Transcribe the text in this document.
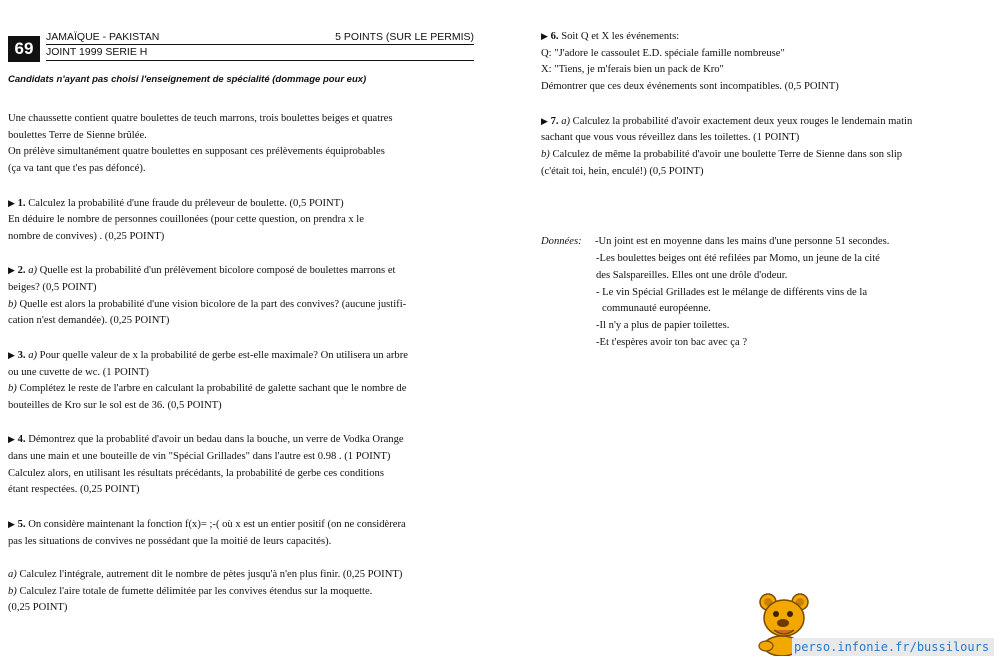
69
JAMAÏQUE - PAKISTAN	5 POINTS (SUR LE PERMIS)
JOINT 1999 SERIE H
Candidats n'ayant pas choisi l'enseignement de spécialité (dommage pour eux)

Une chaussette contient quatre boulettes de teuch marrons, trois boulettes beiges et quatres
boulettes Terre de Sienne brûlée.
On prélève simultanément quatre boulettes en supposant ces prélèvements équiprobables
(ça va tant que t'es pas défoncé).

▶ 1. Calculez la probabilité d'une fraude du préleveur de boulette. (0,5 POINT)
En déduire le nombre de personnes couillonées (pour cette question, on prendra x le
nombre de convives) . (0,25 POINT)

▶ 2. a) Quelle est la probabilité d'un prélèvement bicolore composé de boulettes marrons et
beiges? (0,5 POINT)
b) Quelle est alors la probabilité d'une vision bicolore de la part des convives? (aucune justifi-
cation n'est demandée). (0,25 POINT)

▶ 3. a) Pour quelle valeur de x la probabilité de gerbe est-elle maximale? On utilisera un arbre
ou une cuvette de wc. (1 POINT)
b) Complétez le reste de l'arbre en calculant la probabilité de galette sachant que le nombre de
bouteilles de Kro sur le sol est de 36. (0,5 POINT)

▶ 4. Démontrez que la probablité d'avoir un bedau dans la bouche, un verre de Vodka Orange
dans une main et une bouteille de vin "Spécial Grillades" dans l'autre est 0.98 . (1 POINT)
Calculez alors, en utilisant les résultats précédants, la probabilité de gerbe ces conditions
étant respectées. (0,25 POINT)

▶ 5. On considère maintenant la fonction f(x)= ;-( où x est un entier positif (on ne considèrera
pas les situations de convives ne possédant que la moitié de leurs capacités).

a) Calculez l'intégrale, autrement dit le nombre de pètes jusqu'à n'en plus finir. (0,25 POINT)
b) Calculez l'aire totale de fumette délimitée par les convives étendus sur la moquette.
(0,25 POINT)

▶ 6. Soit Q et X les événements:
Q: "J'adore le cassoulet E.D. spéciale famille nombreuse"
X: "Tiens, je m'ferais bien un pack de Kro"
Démontrer que ces deux événements sont incompatibles. (0,5 POINT)

▶ 7. a) Calculez la probabilité d'avoir exactement deux yeux rouges le lendemain matin
sachant que vous vous réveillez dans les toilettes. (1 POINT)
b) Calculez de même la probabilité d'avoir une boulette Terre de Sienne dans son slip
(c'était toi, hein, enculé!) (0,5 POINT)

Données: -Un joint est en moyenne dans les mains d'une personne 51 secondes.
-Les boulettes beiges ont été refilées par Momo, un jeune de la cité
des Salspareilles. Elles ont une drôle d'odeur.
- Le vin Spécial Grillades est le mélange de différents vins de la
communauté européenne.
-Il n'y a plus de papier toilettes.
-Et t'espères avoir ton bac avec ça ?
perso.infonie.fr/bussilours
